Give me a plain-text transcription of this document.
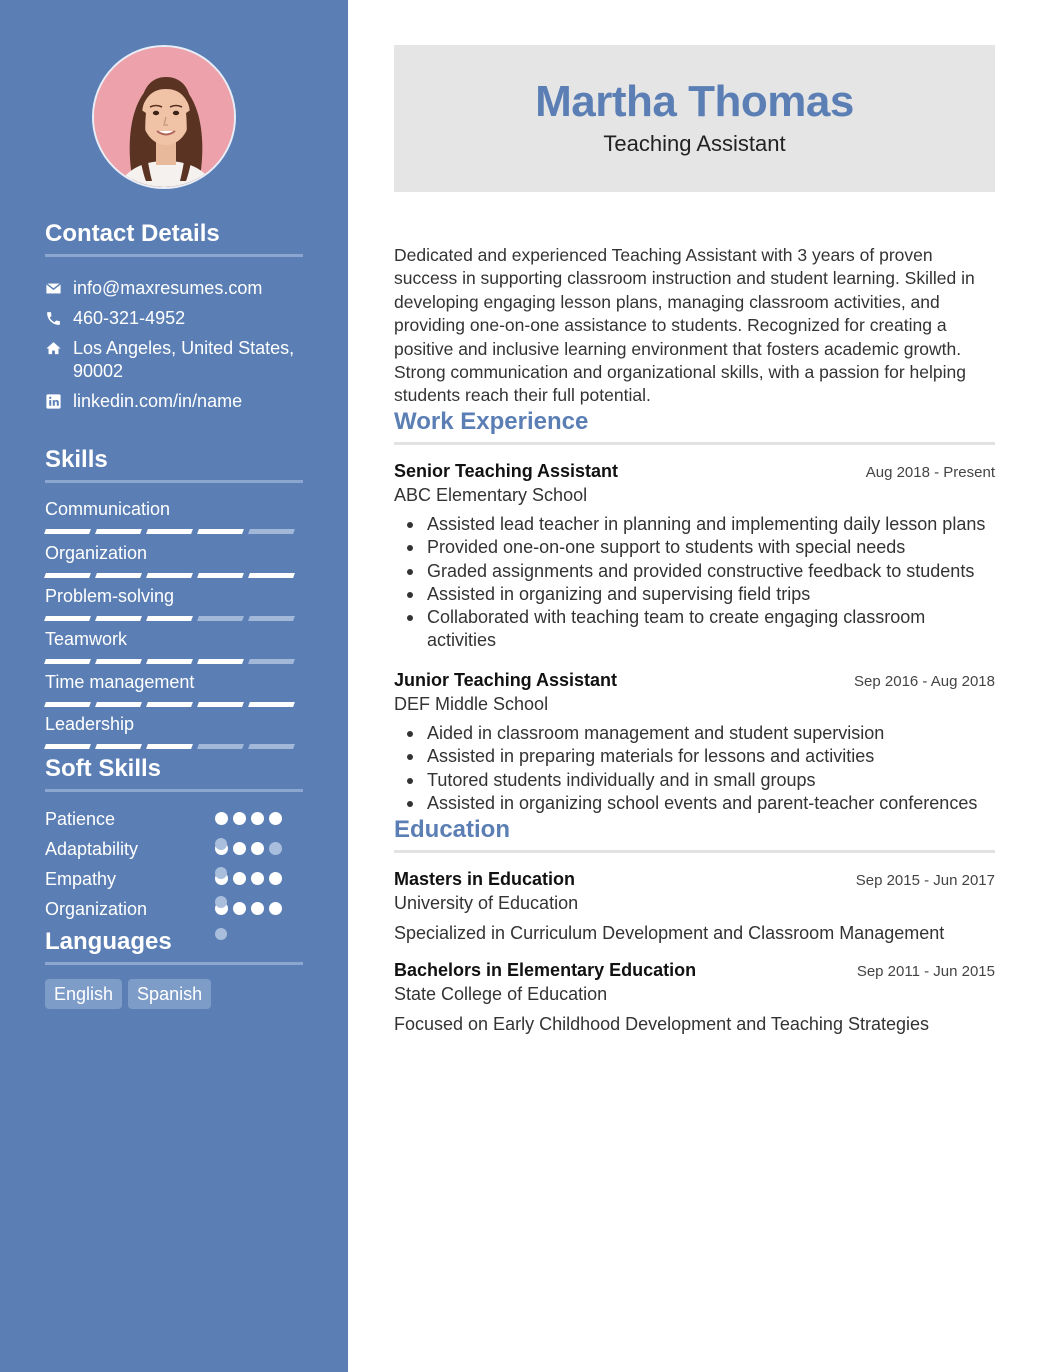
Contact Details
info@maxresumes.com
460-321-4952
Los Angeles, United States,
90002
linkedin.com/in/name
Skills
Communication
Organization
Problem-solving
Teamwork
Time management
Leadership
Soft Skills
Patience
Adaptability
Empathy
Organization
Languages
English	Spanish
Martha Thomas
Teaching Assistant
Dedicated and experienced Teaching Assistant with 3 years of proven success in supporting classroom instruction and student learning. Skilled in developing engaging lesson plans, managing classroom activities, and providing one-on-one assistance to students. Recognized for creating a positive and inclusive learning environment that fosters academic growth. Strong communication and organizational skills, with a passion for helping students reach their full potential.
Work Experience
Senior Teaching Assistant	Aug 2018 - Present
ABC Elementary School
Assisted lead teacher in planning and implementing daily lesson plans
Provided one-on-one support to students with special needs
Graded assignments and provided constructive feedback to students
Assisted in organizing and supervising field trips
Collaborated with teaching team to create engaging classroom activities
Junior Teaching Assistant	Sep 2016 - Aug 2018
DEF Middle School
Aided in classroom management and student supervision
Assisted in preparing materials for lessons and activities
Tutored students individually and in small groups
Assisted in organizing school events and parent-teacher conferences
Education
Masters in Education	Sep 2015 - Jun 2017
University of Education
Specialized in Curriculum Development and Classroom Management
Bachelors in Elementary Education	Sep 2011 - Jun 2015
State College of Education
Focused on Early Childhood Development and Teaching Strategies
